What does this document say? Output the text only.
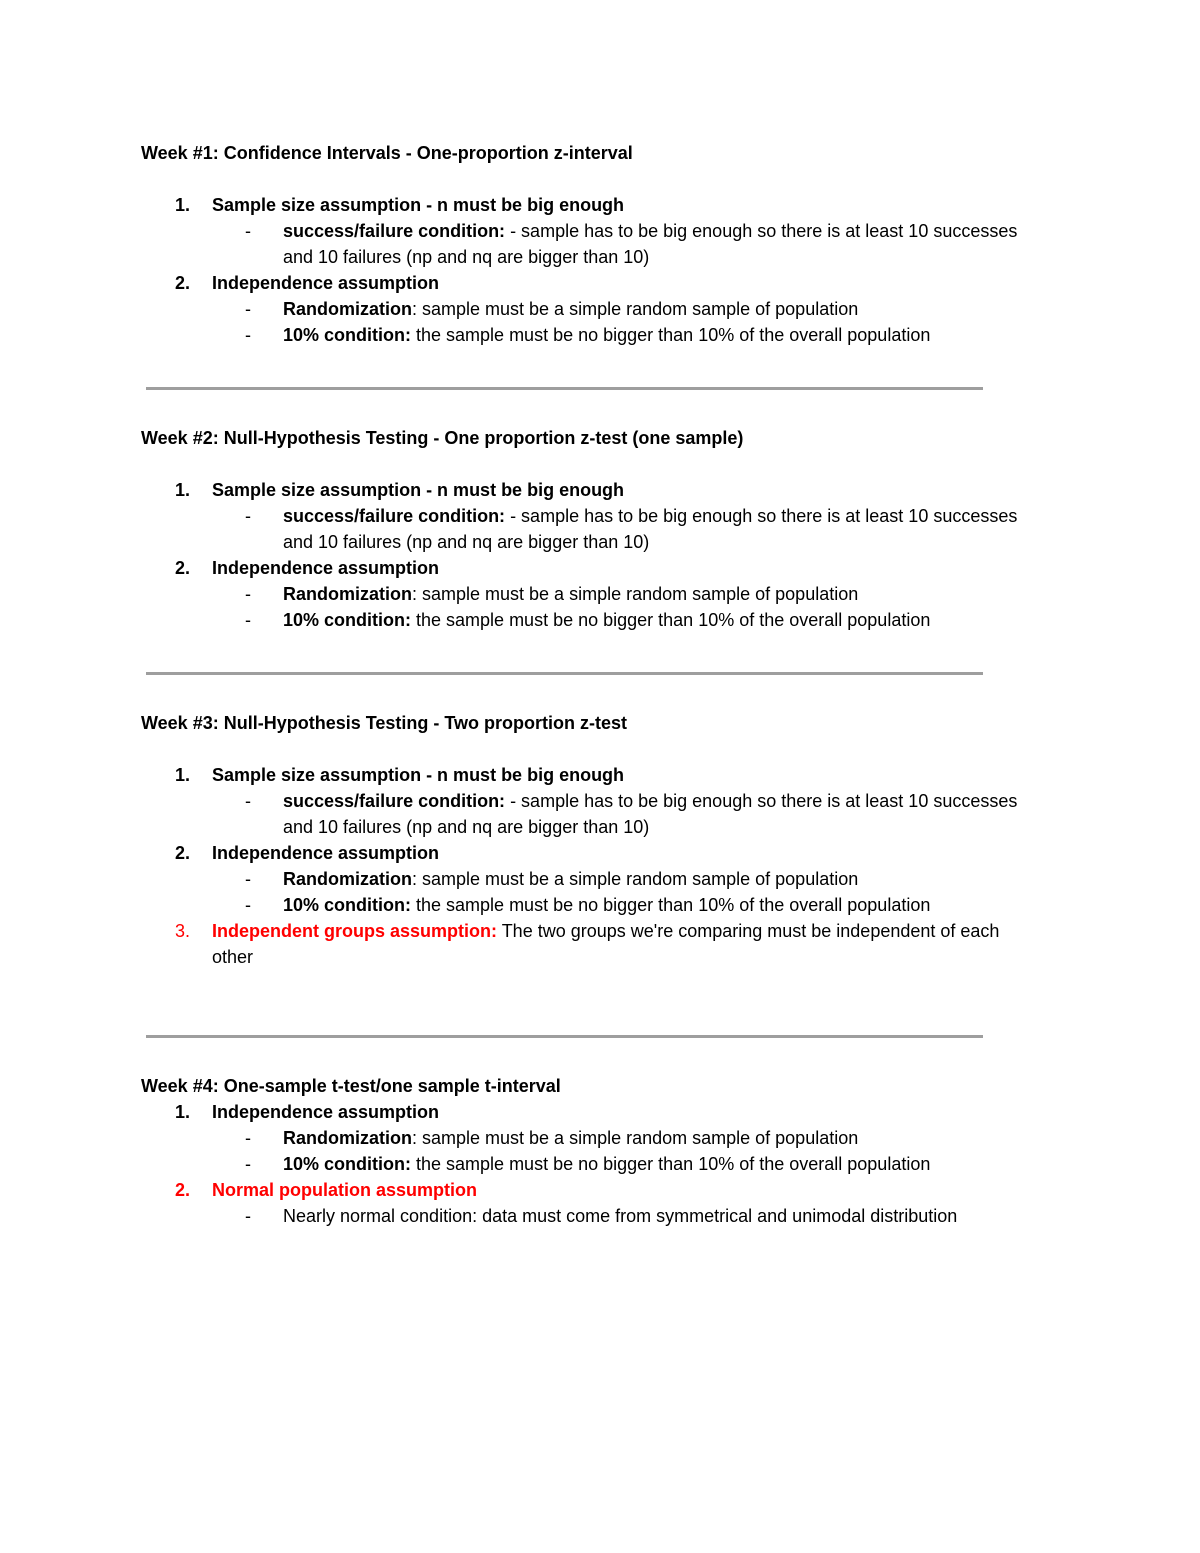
Week #1: Confidence Intervals - One-proportion z-interval

1.	Sample size assumption - n must be big enough
- success/failure condition: - sample has to be big enough so there is at least 10 successes and 10 failures (np and nq are bigger than 10)
2.	Independence assumption
- Randomization: sample must be a simple random sample of population
- 10% condition: the sample must be no bigger than 10% of the overall population

Week #2: Null-Hypothesis Testing - One proportion z-test (one sample)

1.	Sample size assumption - n must be big enough
- success/failure condition: - sample has to be big enough so there is at least 10 successes and 10 failures (np and nq are bigger than 10)
2.	Independence assumption
- Randomization: sample must be a simple random sample of population
- 10% condition: the sample must be no bigger than 10% of the overall population

Week #3: Null-Hypothesis Testing - Two proportion z-test

1.	Sample size assumption - n must be big enough
- success/failure condition: - sample has to be big enough so there is at least 10 successes and 10 failures (np and nq are bigger than 10)
2.	Independence assumption
- Randomization: sample must be a simple random sample of population
- 10% condition: the sample must be no bigger than 10% of the overall population
3.	Independent groups assumption: The two groups we're comparing must be independent of each other

Week #4: One-sample t-test/one sample t-interval

1.	Independence assumption
- Randomization: sample must be a simple random sample of population
- 10% condition: the sample must be no bigger than 10% of the overall population
2.	Normal population assumption
- Nearly normal condition: data must come from symmetrical and unimodal distribution
